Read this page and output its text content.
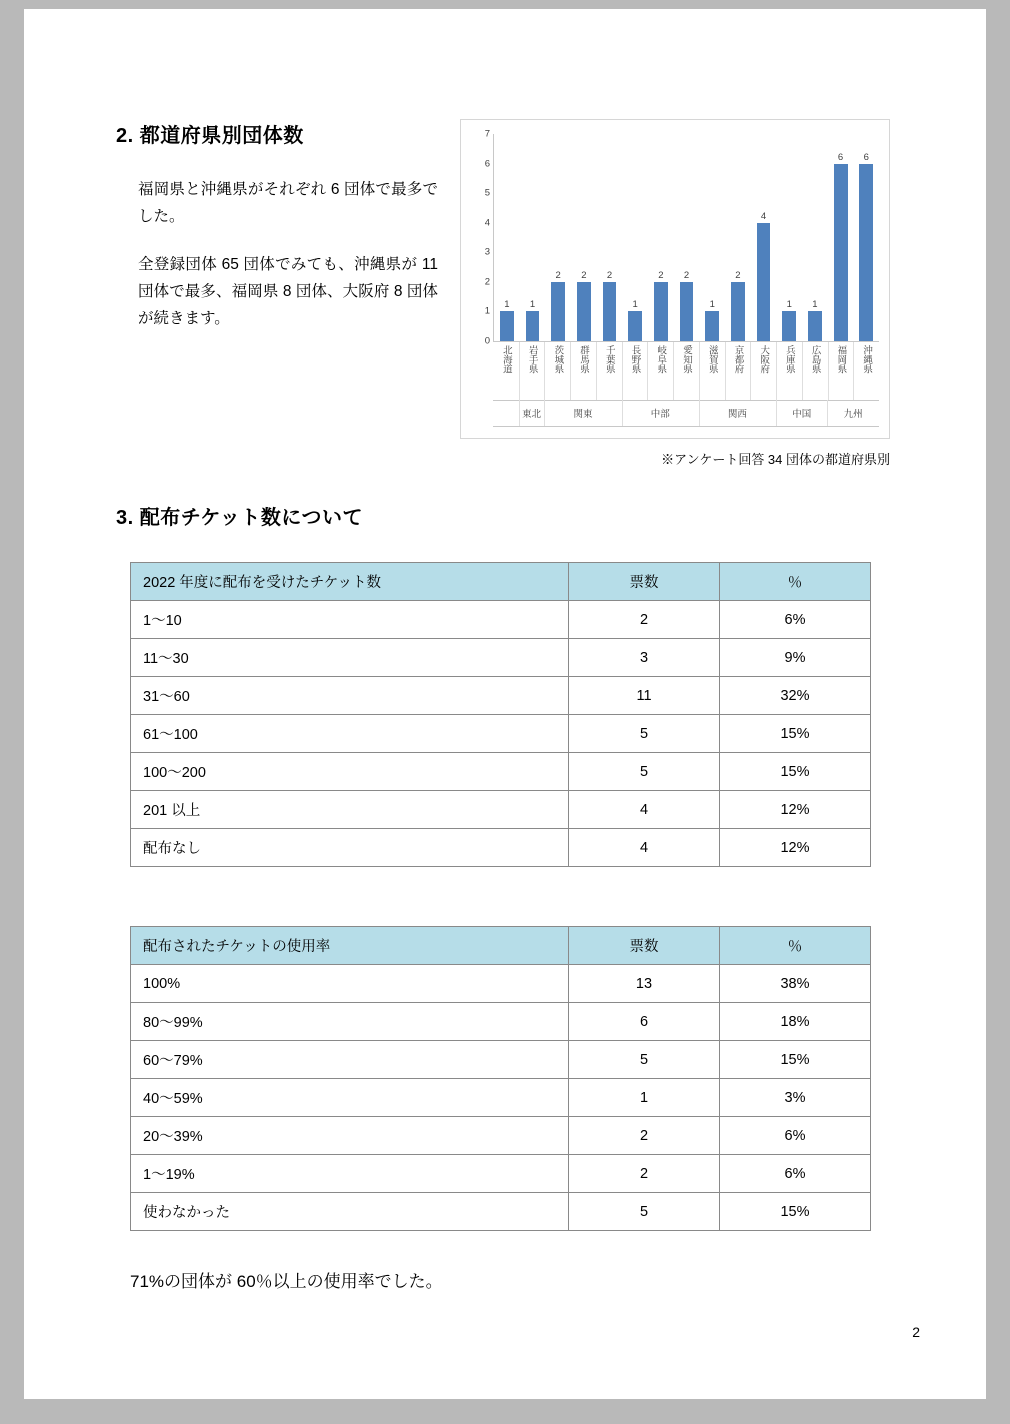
2. 都道府県別団体数

福岡県と沖縄県がそれぞれ 6 団体で最多でした。

全登録団体 65 団体でみても、沖縄県が 11 団体で最多、福岡県 8 団体、大阪府 8 団体が続きます。

1	1
2	2	2
1
2	2
1
2
4
1	1
6	6
0
1
2
3
4
5
6
7
北海道 岩手県 茨城県 群馬県 千葉県 長野県 岐阜県 愛知県 滋賀県 京都府 大阪府 兵庫県 広島県 福岡県 沖縄県
東北	関東	中部	関西	中国	九州
※アンケート回答 34 団体の都道府県別
3. 配布チケット数について
2022 年度に配布を受けたチケット数	票数	％
1〜10	2	6%
11〜30	3	9%
31〜60	11	32%
61〜100	5	15%
100〜200	5	15%
201 以上	4	12%
配布なし	4	12%
配布されたチケットの使用率	票数	％
100%	13	38%
80〜99%	6	18%
60〜79%	5	15%
40〜59%	1	3%
20〜39%	2	6%
1〜19%	2	6%
使わなかった	5	15%
71%の団体が 60％以上の使用率でした。
2
